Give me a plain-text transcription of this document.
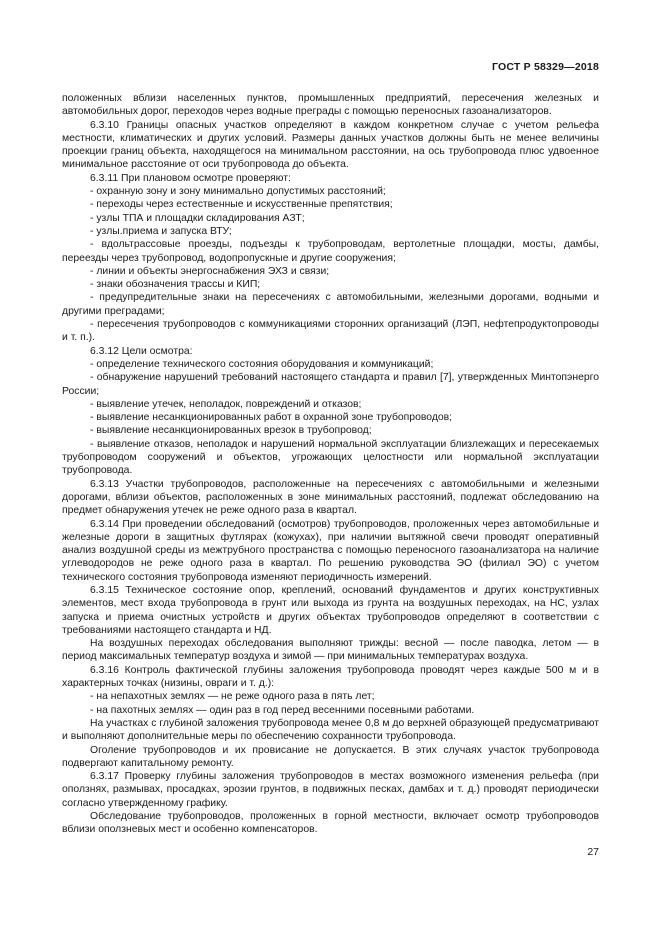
ГОСТ Р 58329—2018

положенных вблизи населенных пунктов, промышленных предприятий, пересечения железных и автомобильных дорог, переходов через водные преграды с помощью переносных газоанализаторов.

6.3.10 Границы опасных участков определяют в каждом конкретном случае с учетом рельефа местности, климатических и других условий. Размеры данных участков должны быть не менее величины проекции границ объекта, находящегося на минимальном расстоянии, на ось трубопровода плюс удвоенное минимальное расстояние от оси трубопровода до объекта.

6.3.11 При плановом осмотре проверяют:

- охранную зону и зону минимально допустимых расстояний;

- переходы через естественные и искусственные препятствия;

- узлы ТПА и площадки складирования АЗТ;

- узлы.приема и запуска ВТУ;

- вдольтрассовые проезды, подъезды к трубопроводам, вертолетные площадки, мосты, дамбы, переезды через трубопровод, водопропускные и другие сооружения;

- линии и объекты энергоснабжения ЭХЗ и связи;

- знаки обозначения трассы и КИП;

- предупредительные знаки на пересечениях с автомобильными, железными дорогами, водными и другими преградами;

- пересечения трубопроводов с коммуникациями сторонних организаций (ЛЭП, нефтепродуктопроводы и т. п.).

6.3.12 Цели осмотра:

- определение технического состояния оборудования и коммуникаций;

- обнаружение нарушений требований настоящего стандарта и правил [7], утвержденных Минтопэнерго России;

- выявление утечек, неполадок, повреждений и отказов;

- выявление несанкционированных работ в охранной зоне трубопроводов;

- выявление несанкционированных врезок в трубопровод;

- выявление отказов, неполадок и нарушений нормальной эксплуатации близлежащих и пересекаемых трубопроводом сооружений и объектов, угрожающих целостности или нормальной эксплуатации трубопровода.

6.3.13 Участки трубопроводов, расположенные на пересечениях с автомобильными и железными дорогами, вблизи объектов, расположенных в зоне минимальных расстояний, подлежат обследованию на предмет обнаружения утечек не реже одного раза в квартал.

6.3.14 При проведении обследований (осмотров) трубопроводов, проложенных через автомобильные и железные дороги в защитных футлярах (кожухах), при наличии вытяжной свечи проводят оперативный анализ воздушной среды из межтрубного пространства с помощью переносного газоанализатора на наличие углеводородов не реже одного раза в квартал. По решению руководства ЭО (филиал ЭО) с учетом технического состояния трубопровода изменяют периодичность измерений.

6.3.15 Техническое состояние опор, креплений, оснований фундаментов и других конструктивных элементов, мест входа трубопровода в грунт или выхода из грунта на воздушных переходах, на НС, узлах запуска и приема очистных устройств и других объектах трубопроводов определяют в соответствии с требованиями настоящего стандарта и НД.

На воздушных переходах обследования выполняют трижды: весной — после паводка, летом — в период максимальных температур воздуха и зимой — при минимальных температурах воздуха.

6.3.16 Контроль фактической глубины заложения трубопровода проводят через каждые 500 м и в характерных точках (низины, овраги и т. д.):

- на непахотных землях — не реже одного раза в пять лет;

- на пахотных землях — один раз в год перед весенними посевными работами.

На участках с глубиной заложения трубопровода менее 0,8 м до верхней образующей предусматривают и выполняют дополнительные меры по обеспечению сохранности трубопровода.

Оголение трубопроводов и их провисание не допускается. В этих случаях участок трубопровода подвергают капитальному ремонту.

6.3.17 Проверку глубины заложения трубопроводов в местах возможного изменения рельефа (при оползнях, размывах, просадках, эрозии грунтов, в подвижных песках, дамбах и т. д.) проводят периодически согласно утвержденному графику.

Обследование трубопроводов, проложенных в горной местности, включает осмотр трубопроводов вблизи оползневых мест и особенно компенсаторов.

27
